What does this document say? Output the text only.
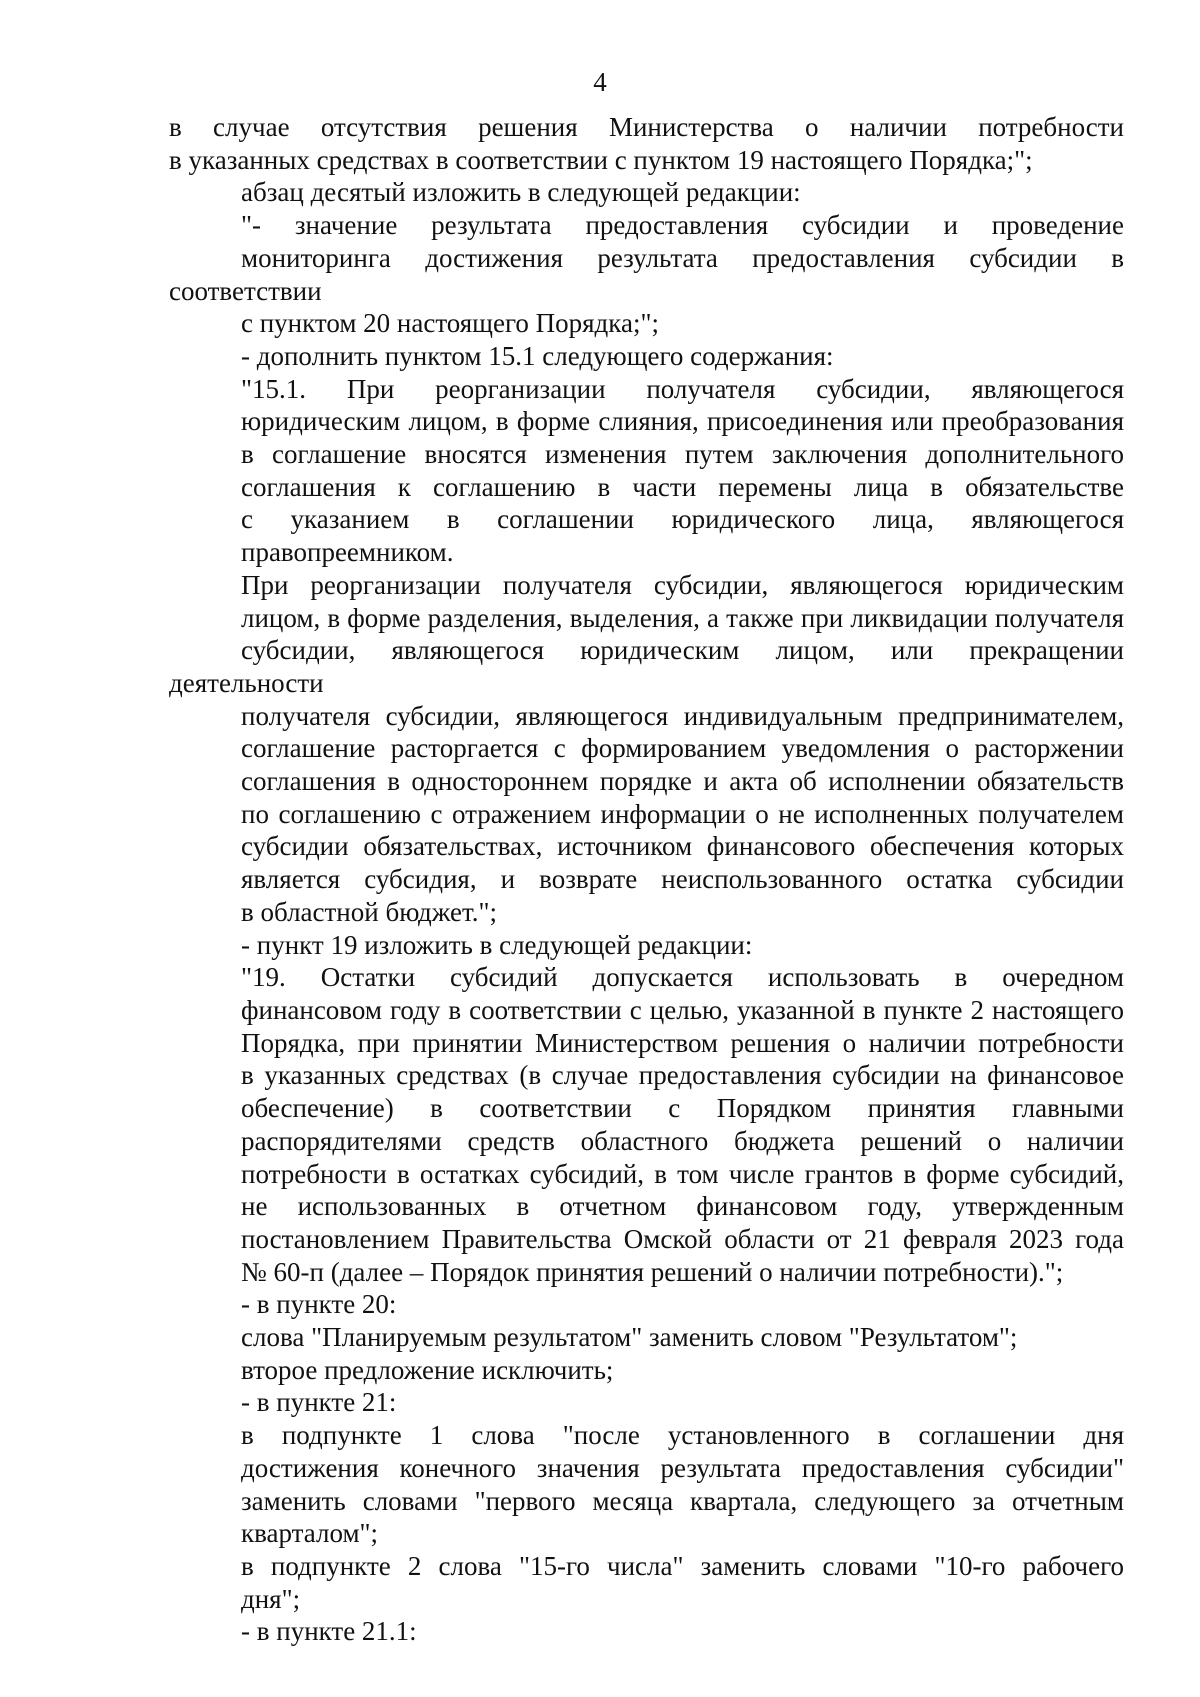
4
в случае отсутствия решения Министерства о наличии потребности
в указанных средствах в соответствии с пунктом 19 настоящего Порядка;";
абзац десятый изложить в следующей редакции:
"- значение результата предоставления субсидии и проведение
мониторинга достижения результата предоставления субсидии в соответствии
с пунктом 20 настоящего Порядка;";
- дополнить пунктом 15.1 следующего содержания:
"15.1. При реорганизации получателя субсидии, являющегося
юридическим лицом, в форме слияния, присоединения или преобразования
в соглашение вносятся изменения путем заключения дополнительного
соглашения к соглашению в части перемены лица в обязательстве
с указанием в соглашении юридического лица, являющегося
правопреемником.
При реорганизации получателя субсидии, являющегося юридическим
лицом, в форме разделения, выделения, а также при ликвидации получателя
субсидии, являющегося юридическим лицом, или прекращении деятельности
получателя субсидии, являющегося индивидуальным предпринимателем,
соглашение расторгается с формированием уведомления о расторжении
соглашения в одностороннем порядке и акта об исполнении обязательств
по соглашению с отражением информации о не исполненных получателем
субсидии обязательствах, источником финансового обеспечения которых
является субсидия, и возврате неиспользованного остатка субсидии
в областной бюджет.";
- пункт 19 изложить в следующей редакции:
"19. Остатки субсидий допускается использовать в очередном
финансовом году в соответствии с целью, указанной в пункте 2 настоящего
Порядка, при принятии Министерством решения о наличии потребности
в указанных средствах (в случае предоставления субсидии на финансовое
обеспечение) в соответствии с Порядком принятия главными
распорядителями средств областного бюджета решений о наличии
потребности в остатках субсидий, в том числе грантов в форме субсидий,
не использованных в отчетном финансовом году, утвержденным
постановлением Правительства Омской области от 21 февраля 2023 года
№ 60-п (далее – Порядок принятия решений о наличии потребности).";
- в пункте 20:
слова "Планируемым результатом" заменить словом "Результатом";
второе предложение исключить;
- в пункте 21:
в подпункте 1 слова "после установленного в соглашении дня
достижения конечного значения результата предоставления субсидии"
заменить словами "первого месяца квартала, следующего за отчетным
кварталом";
в подпункте 2 слова "15-го числа" заменить словами "10-го рабочего
дня";
- в пункте 21.1:
